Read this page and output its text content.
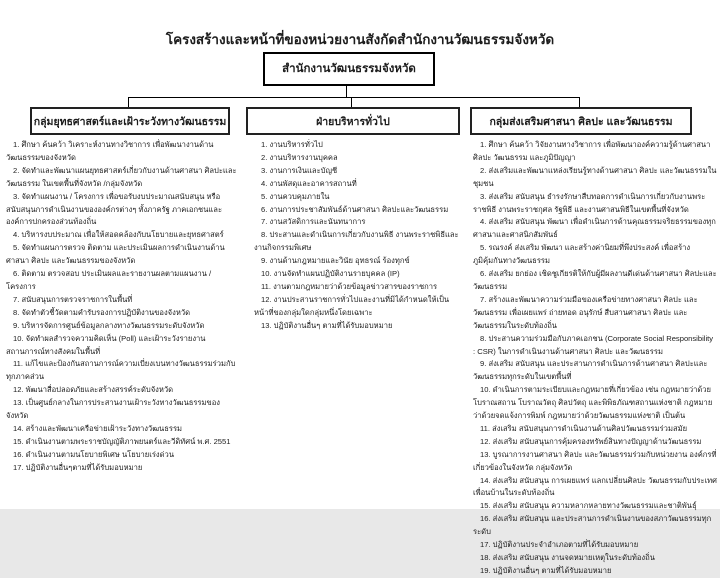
โครงสร้างและหน้าที่ของหน่วยงานสังกัดสำนักงานวัฒนธรรมจังหวัด
สำนักงานวัฒนธรรมจังหวัด
กลุ่มยุทธศาสตร์และเฝ้าระวังทางวัฒนธรรม	ฝ่ายบริหารทั่วไป	กลุ่มส่งเสริมศาสนา ศิลปะ และวัฒนธรรม
1. ศึกษา ค้นคว้า วิเคราะห์งานทางวิชาการ เพื่อพัฒนางานด้านวัฒนธรรมของจังหวัด
2. จัดทำและพัฒนาแผนยุทธศาสตร์เกี่ยวกับงานด้านศาสนา ศิลปะและวัฒนธรรม ในเขตพื้นที่จังหวัด /กลุ่มจังหวัด
3. จัดทำแผนงาน / โครงการ เพื่อขอรับงบประมาณสนับสนุน หรือสนับสนุนการดำเนินงานขององค์กรต่างๆ ทั้งภาครัฐ ภาคเอกชนและองค์การปกครองส่วนท้องถิ่น
4. บริหารงบประมาณ เพื่อให้สอดคล้องกับนโยบายและยุทธศาสตร์
5. จัดทำแผนการตรวจ ติดตาม และประเมินผลการดำเนินงานด้านศาสนา ศิลปะ และวัฒนธรรมของจังหวัด
6. ติดตาม ตรวจสอบ ประเมินผลและรายงานผลตามแผนงาน / โครงการ
7. สนับสนุนการตรวจราชการในพื้นที่
8. จัดทำตัวชี้วัดตามคำรับรองการปฏิบัติงานของจังหวัด
9. บริหารจัดการศูนย์ข้อมูลกลางทางวัฒนธรรมระดับจังหวัด
10. จัดทำผลสำรวจความคิดเห็น (Poll) และเฝ้าระวังรายงานสถานการณ์ทางสังคมในพื้นที่
11. แก้ไขและป้องกันสถานการณ์ความเบี่ยงเบนทางวัฒนธรรมร่วมกับทุกภาคส่วน
12. พัฒนาสื่อปลอดภัยและสร้างสรรค์ระดับจังหวัด
13. เป็นศูนย์กลางในการประสานงานเฝ้าระวังทางวัฒนธรรมของจังหวัด
14. สร้างและพัฒนาเครือข่ายเฝ้าระวังทางวัฒนธรรม
15. ดำเนินงานตามพระราชบัญญัติภาพยนตร์และวีดิทัศน์ พ.ศ. 2551
16. ดำเนินงานตามนโยบายพิเศษ นโยบายเร่งด่วน
17. ปฏิบัติงานอื่นๆตามที่ได้รับมอบหมาย
1. งานบริหารทั่วไป
2. งานบริหารงานบุคคล
3. งานการเงินและบัญชี
4. งานพัสดุและอาคารสถานที่
5. งานควบคุมภายใน
6. งานการประชาสัมพันธ์ด้านศาสนา ศิลปะและวัฒนธรรม
7. งานสวัสดิการและนันทนาการ
8. ประสานและดำเนินการเกี่ยวกับงานพิธี งานพระราชพิธีและงานกิจกรรมพิเศษ
9. งานด้านกฎหมายและวินัย อุทธรณ์ ร้องทุกข์
10. งานจัดทำแผนปฏิบัติงานรายบุคคล (IP)
11. งานตามกฎหมายว่าด้วยข้อมูลข่าวสารของราชการ
12. งานประสานราชการทั่วไปและงานที่มิได้กำหนดให้เป็นหน้าที่ของกลุ่มใดกลุ่มหนึ่งโดยเฉพาะ
13. ปฏิบัติงานอื่นๆ ตามที่ได้รับมอบหมาย
1. ศึกษา ค้นคว้า วิจัยงานทางวิชาการ เพื่อพัฒนาองค์ความรู้ด้านศาสนา ศิลปะ วัฒนธรรม และภูมิปัญญา
2. ส่งเสริมและพัฒนาแหล่งเรียนรู้ทางด้านศาสนา ศิลปะ และวัฒนธรรมในชุมชน
3. ส่งเสริม สนับสนุน ธำรงรักษาสืบทอดการดำเนินการเกี่ยวกับงานพระราชพิธี งานพระราชกุศล รัฐพิธี และงานศาสนพิธีในเขตพื้นที่จังหวัด
4. ส่งเสริม สนับสนุน พัฒนา เพื่อดำเนินการด้านคุณธรรมจริยธรรมของทุกศาสนาและศาสนิกสัมพันธ์
5. รณรงค์ ส่งเสริม พัฒนา และสร้างค่านิยมที่พึงประสงค์ เพื่อสร้างภูมิคุ้มกันทางวัฒนธรรม
6. ส่งเสริม ยกย่อง เชิดชูเกียรติให้กับผู้มีผลงานดีเด่นด้านศาสนา ศิลปะและวัฒนธรรม
7. สร้างและพัฒนาความร่วมมือของเครือข่ายทางศาสนา ศิลปะ และวัฒนธรรม เพื่อเผยแพร่ ถ่ายทอด อนุรักษ์ สืบสานศาสนา ศิลปะ และวัฒนธรรมในระดับท้องถิ่น
8. ประสานความร่วมมือกับภาคเอกชน (Corporate Social Responsibility : CSR) ในการดำเนินงานด้านศาสนา ศิลปะ และวัฒนธรรม
9. ส่งเสริม สนับสนุน และประสานการดำเนินการด้านศาสนา ศิลปะและวัฒนธรรมทุกระดับในเขตพื้นที่
10. ดำเนินการตามระเบียบและกฎหมายที่เกี่ยวข้อง เช่น กฎหมายว่าด้วยโบราณสถาน โบราณวัตถุ ศิลปวัตถุ และพิพิธภัณฑสถานแห่งชาติ กฎหมายว่าด้วยจดแจ้งการพิมพ์ กฎหมายว่าด้วยวัฒนธรรมแห่งชาติ เป็นต้น
11. ส่งเสริม สนับสนุนการดำเนินงานด้านศิลปวัฒนธรรมร่วมสมัย
12. ส่งเสริม สนับสนุนการคุ้มครองทรัพย์สินทางปัญญาด้านวัฒนธรรม
13. บูรณาการงานศาสนา ศิลปะ และวัฒนธรรมร่วมกับหน่วยงาน องค์กรที่เกี่ยวข้องในจังหวัด กลุ่มจังหวัด
14. ส่งเสริม สนับสนุน การเผยแพร่ แลกเปลี่ยนศิลปะ วัฒนธรรมกับประเทศเพื่อนบ้านในระดับท้องถิ่น
15. ส่งเสริม สนับสนุน ความหลากหลายทางวัฒนธรรมและชาติพันธุ์
16. ส่งเสริม สนับสนุน และประสานการดำเนินงานของสภาวัฒนธรรมทุกระดับ
17. ปฏิบัติงานประจำอำเภอตามที่ได้รับมอบหมาย
18. ส่งเสริม สนับสนุน งานจดหมายเหตุในระดับท้องถิ่น
19. ปฏิบัติงานอื่นๆ ตามที่ได้รับมอบหมาย
